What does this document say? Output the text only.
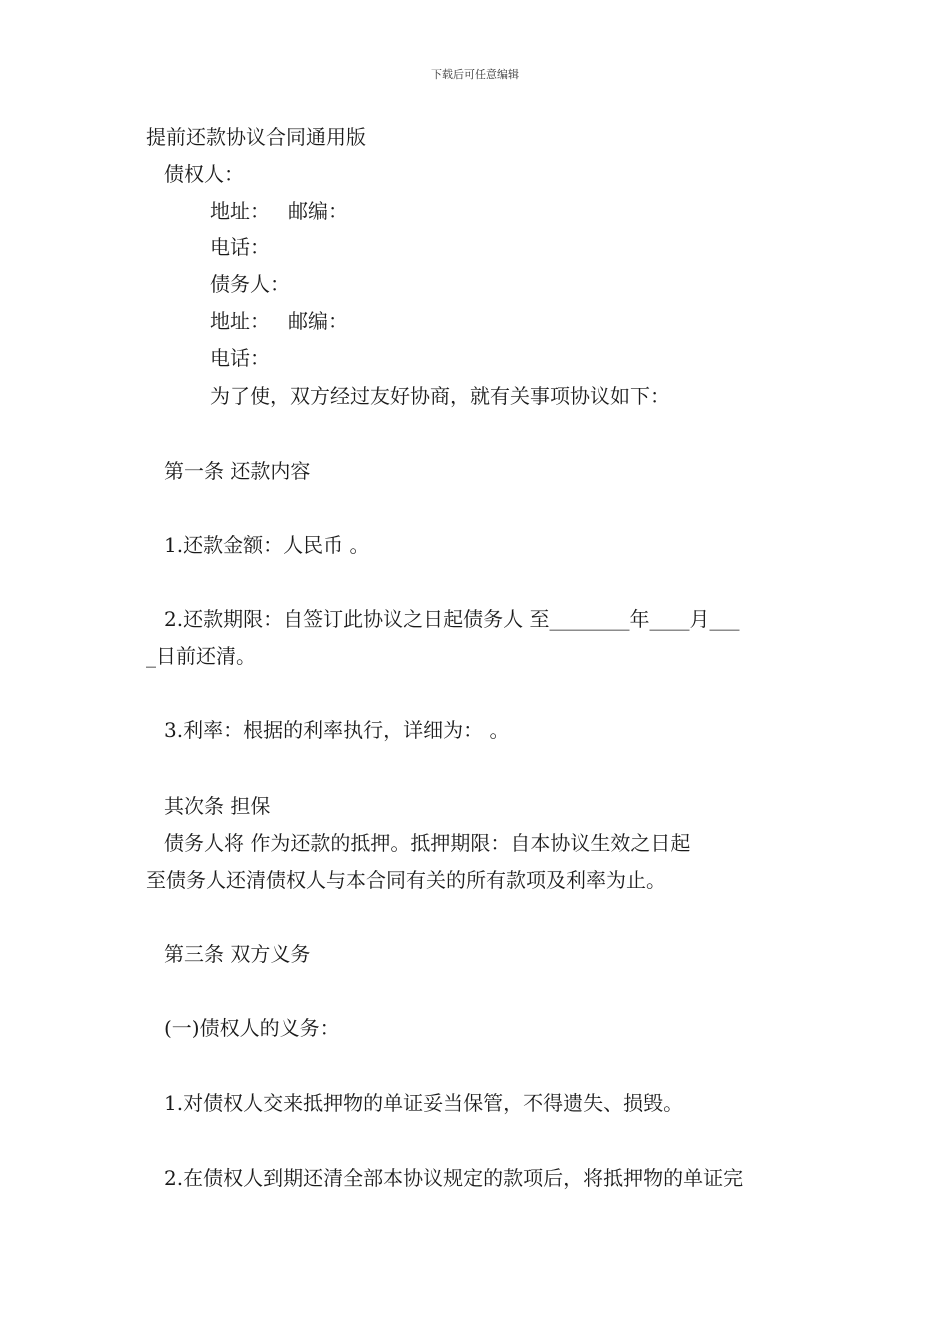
下载后可任意编辑
提前还款协议合同通用版
债权人：
地址： 邮编：
电话：
债务人：
地址： 邮编：
电话：
为了使，双方经过友好协商，就有关事项协议如下：
第一条 还款内容
1.还款金额：人民币 。
2.还款期限：自签订此协议之日起债务人 至________年____月___
_日前还清。
3.利率：根据的利率执行，详细为： 。
其次条 担保
债务人将 作为还款的抵押。抵押期限：自本协议生效之日起
至债务人还清债权人与本合同有关的所有款项及利率为止。
第三条 双方义务
(一)债权人的义务：
1.对债权人交来抵押物的单证妥当保管，不得遗失、损毁。
2.在债权人到期还清全部本协议规定的款项后，将抵押物的单证完
